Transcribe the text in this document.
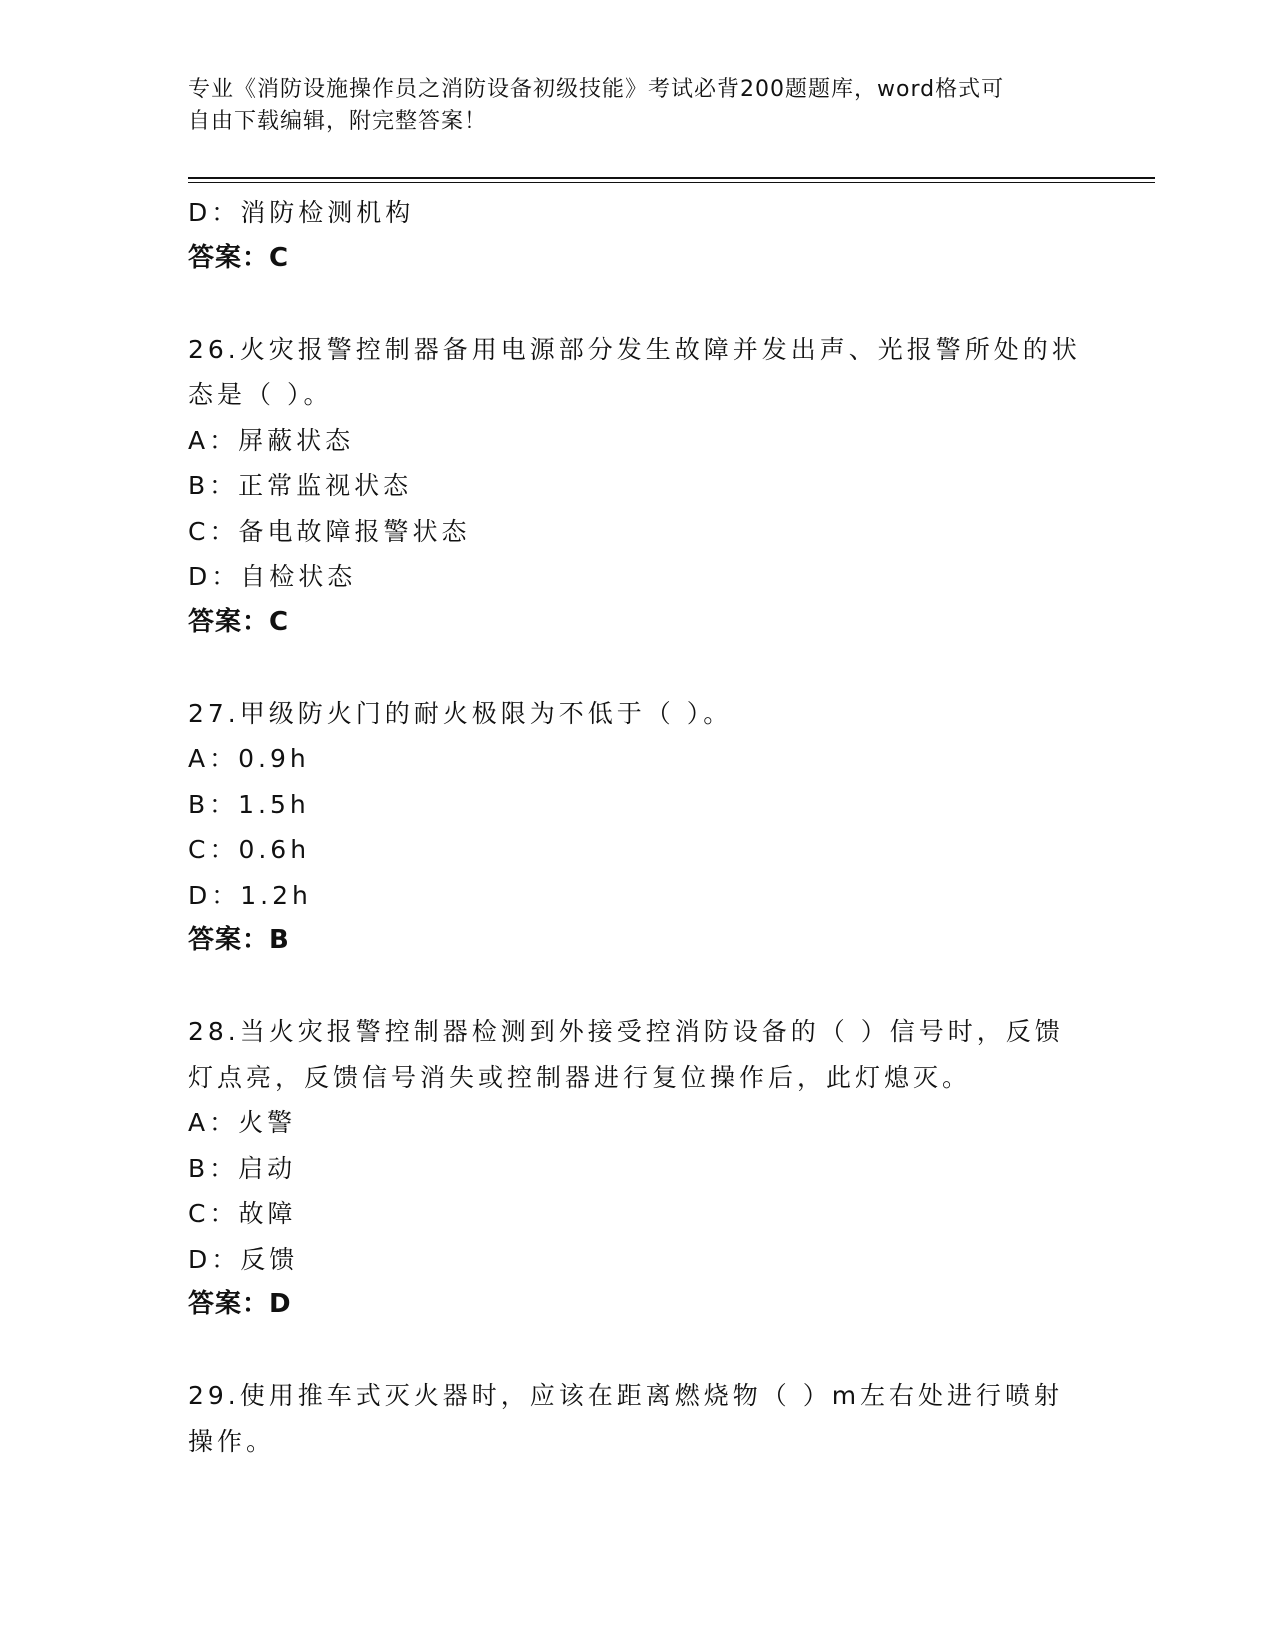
专业《消防设施操作员之消防设备初级技能》考试必背200题题库，word格式可
自由下载编辑，附完整答案！
D：消防检测机构
答案：C
26.火灾报警控制器备用电源部分发生故障并发出声、光报警所处的状
态是（ ）。
A：屏蔽状态
B：正常监视状态
C：备电故障报警状态
D：自检状态
答案：C
27.甲级防火门的耐火极限为不低于（ ）。
A：0.9h
B：1.5h
C：0.6h
D：1.2h
答案：B
28.当火灾报警控制器检测到外接受控消防设备的（ ）信号时，反馈
灯点亮，反馈信号消失或控制器进行复位操作后，此灯熄灭。
A：火警
B：启动
C：故障
D：反馈
答案：D
29.使用推车式灭火器时，应该在距离燃烧物（ ）m左右处进行喷射
操作。
